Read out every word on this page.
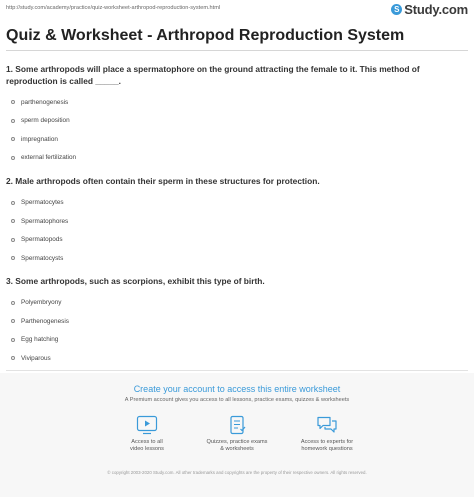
http://study.com/academy/practice/quiz-worksheet-arthropod-reproduction-system.html	S Study.com
Quiz & Worksheet - Arthropod Reproduction System
1. Some arthropods will place a spermatophore on the ground attracting the female to it. This method of reproduction is called _____.
parthenogenesis
sperm deposition
impregnation
external fertilization
2. Male arthropods often contain their sperm in these structures for protection.
Spermatocytes
Spermatophores
Spermatopods
Spermatocysts
3. Some arthropods, such as scorpions, exhibit this type of birth.
Polyembryony
Parthenogenesis
Egg hatching
Viviparous
Create your account to access this entire worksheet
A Premium account gives you access to all lessons, practice exams, quizzes & worksheets
Access to all
video lessons
Quizzes, practice exams
& worksheets
Access to experts for
homework questions
© copyright 2003-2020 Study.com. All other trademarks and copyrights are the property of their respective owners. All rights reserved.
